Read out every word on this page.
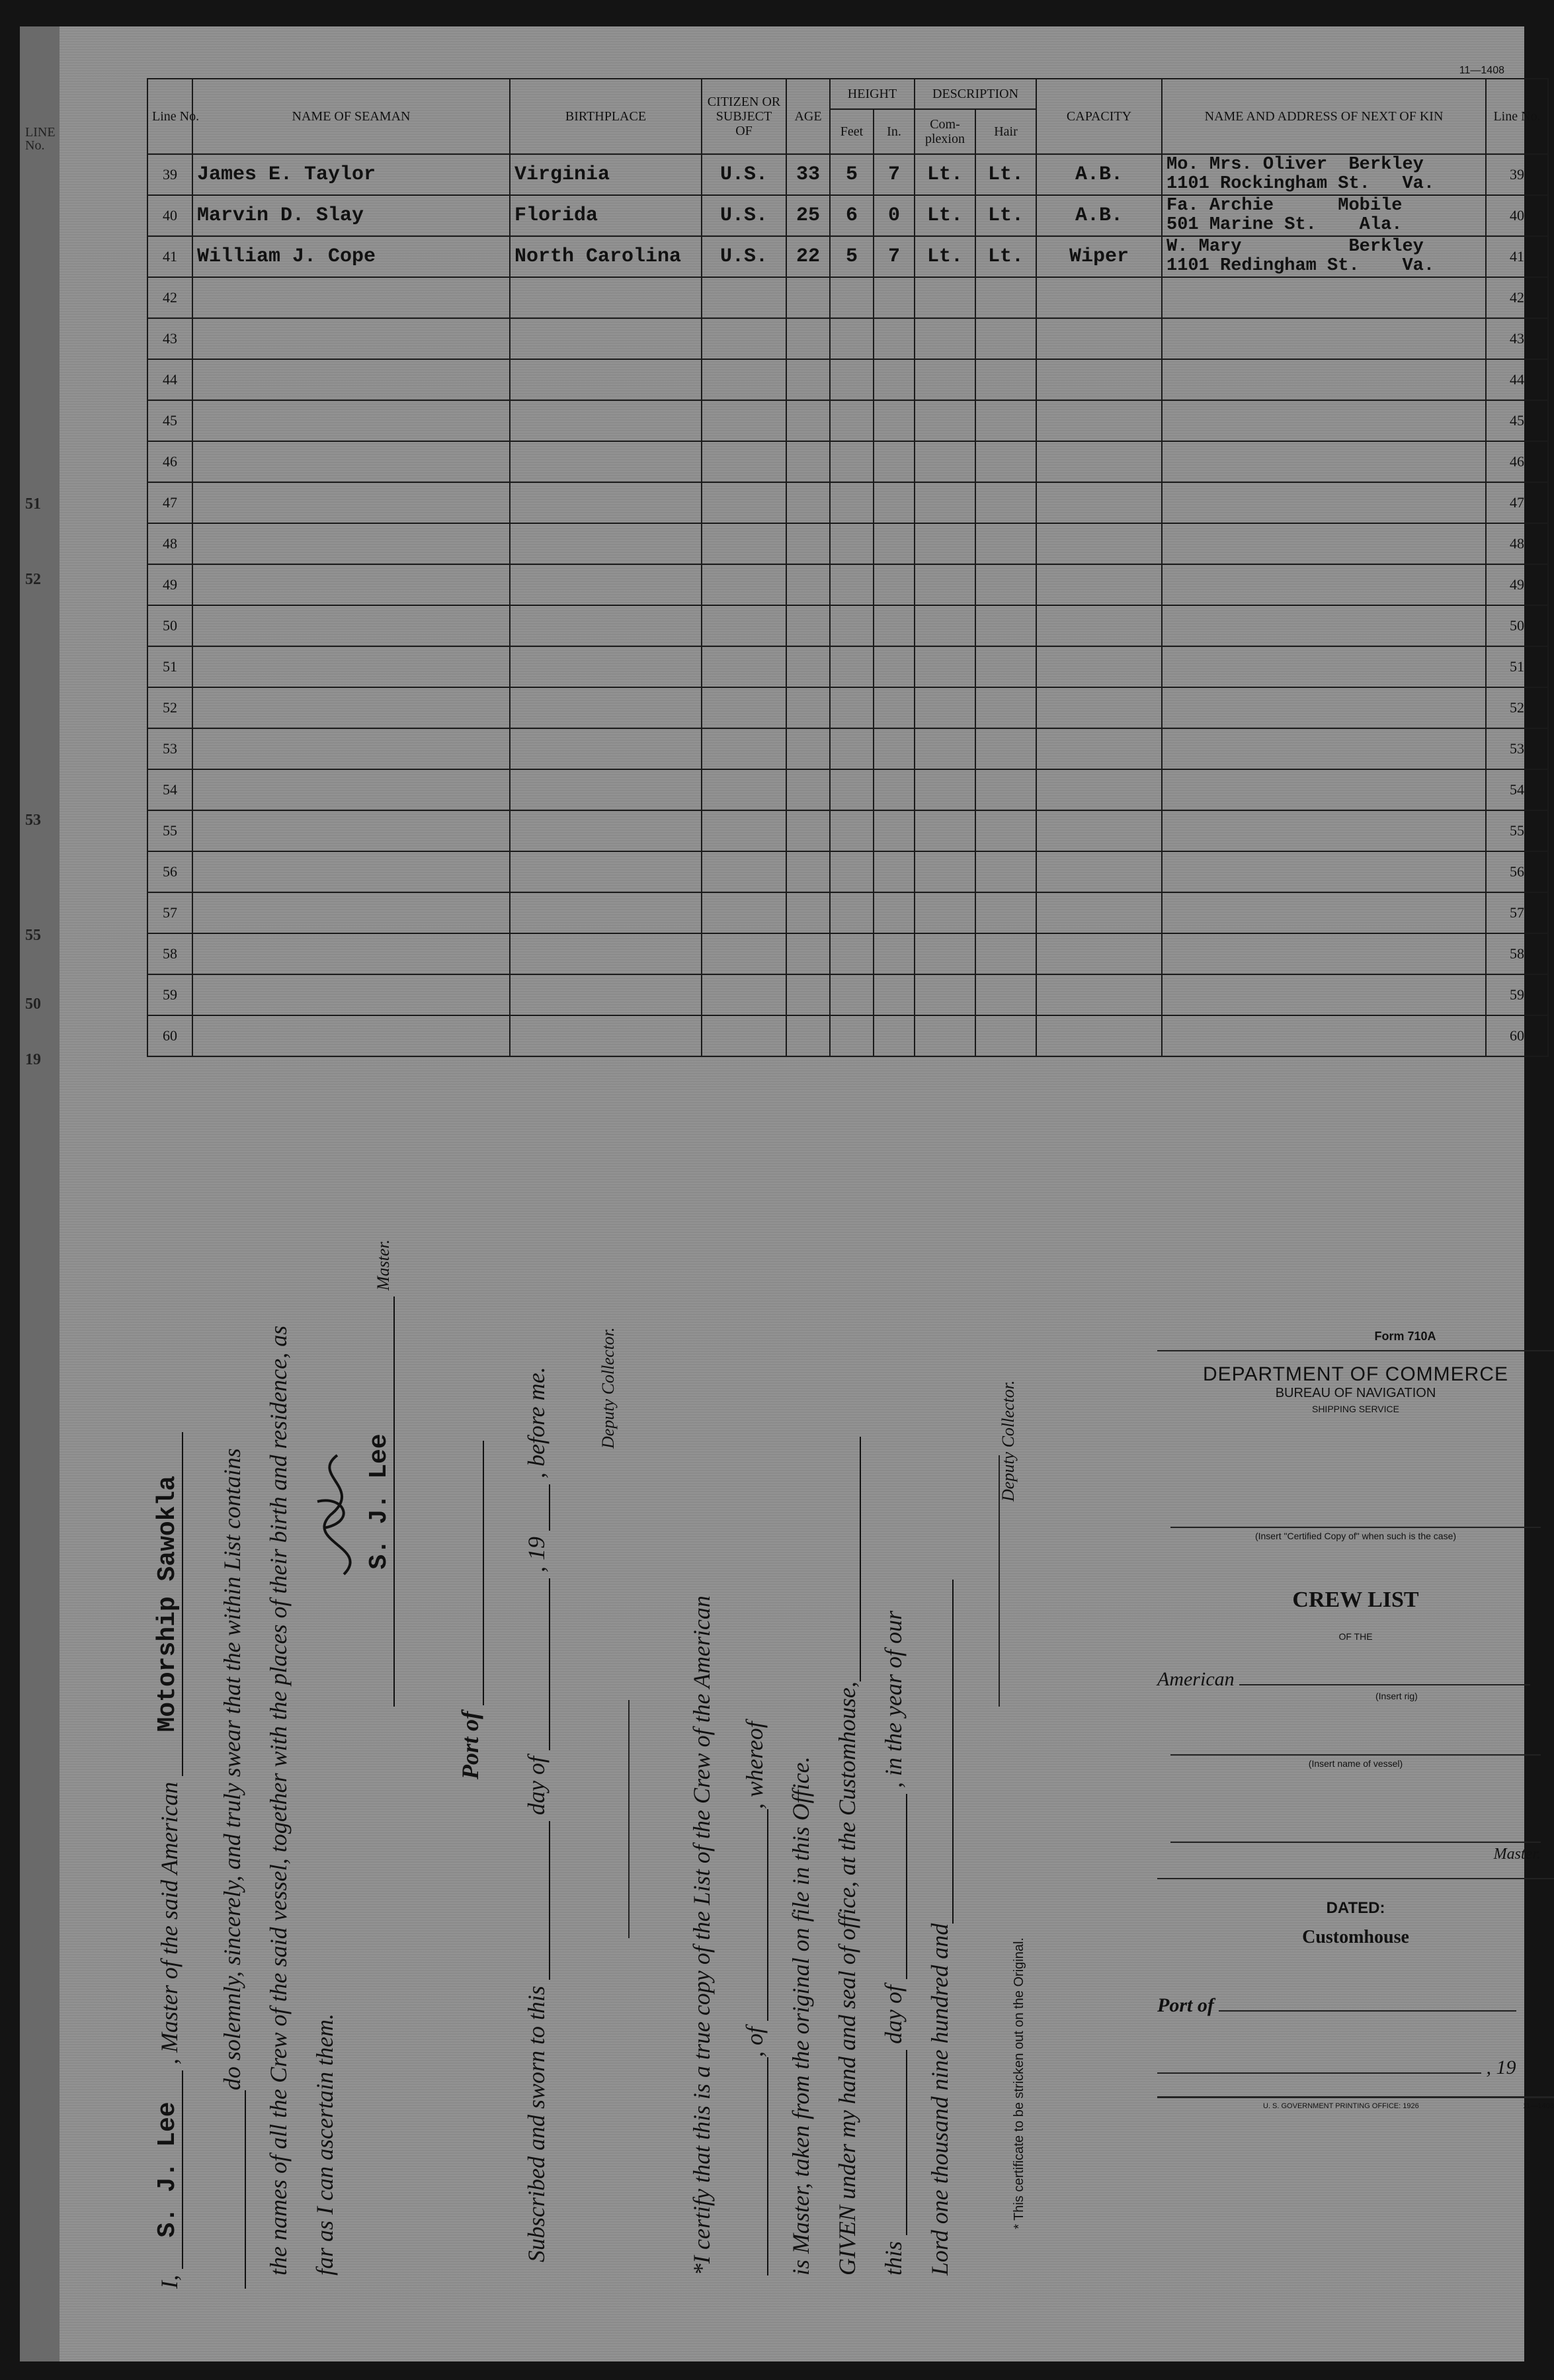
11—1408
Line No.	NAME OF SEAMAN	BIRTHPLACE	CITIZEN OR SUBJECT OF	AGE	HEIGHT		DESCRIPTION		CAPACITY	NAME AND ADDRESS OF NEXT OF KIN	Line No.
					Feet	In.	Com- plexion	Hair			
39	James E. Taylor	Virginia	U.S.	33	5	7	Lt.	Lt.	A.B.	Mo. Mrs. Oliver  Berkley
1101 Rockingham St.   Va.	39
40	Marvin D. Slay	Florida	U.S.	25	6	0	Lt.	Lt.	A.B.	Fa. Archie      Mobile
501 Marine St.    Ala.	40
41	William J. Cope	North Carolina	U.S.	22	5	7	Lt.	Lt.	Wiper	W. Mary          Berkley
1101 Redingham St.    Va.	41
42											42
43											43
44											44
45											45
46											46
47											47
48											48
49											49
50											50
51											51
52											52
53											53
54											54
55											55
56											56
57											57
58											58
59											59
60											60
I, S. J. Lee , Master of the said American Motorship Sawokla do solemnly, sincerely, and truly swear that the within List contains the names of all the Crew of the said vessel, together with the places of their birth and residence, as far as I can ascertain them.
S. J. Lee Master.
Port of
Subscribed and sworn to this  day of  , 19  , before me.	Deputy Collector.
*I certify that this is a true copy of the List of the Crew of the American , of , whereof is Master, taken from the original on file in this Office. GIVEN under my hand and seal of office, at the Customhouse, this  day of  , in the year of our
Lord one thousand nine hundred and
Deputy Collector.
* This certificate to be stricken out on the Original.
Form 710A
DEPARTMENT OF COMMERCE
BUREAU OF NAVIGATION
SHIPPING SERVICE
(Insert "Certified Copy of" when such is the case)
CREW LIST
OF THE
American
(Insert rig)
(Insert name of vessel)
Master.
DATED:
Customhouse
Port of
, 19
U. S. GOVERNMENT PRINTING OFFICE: 1926	11—1408
LINE
No.
51
52
53
55
50
19
